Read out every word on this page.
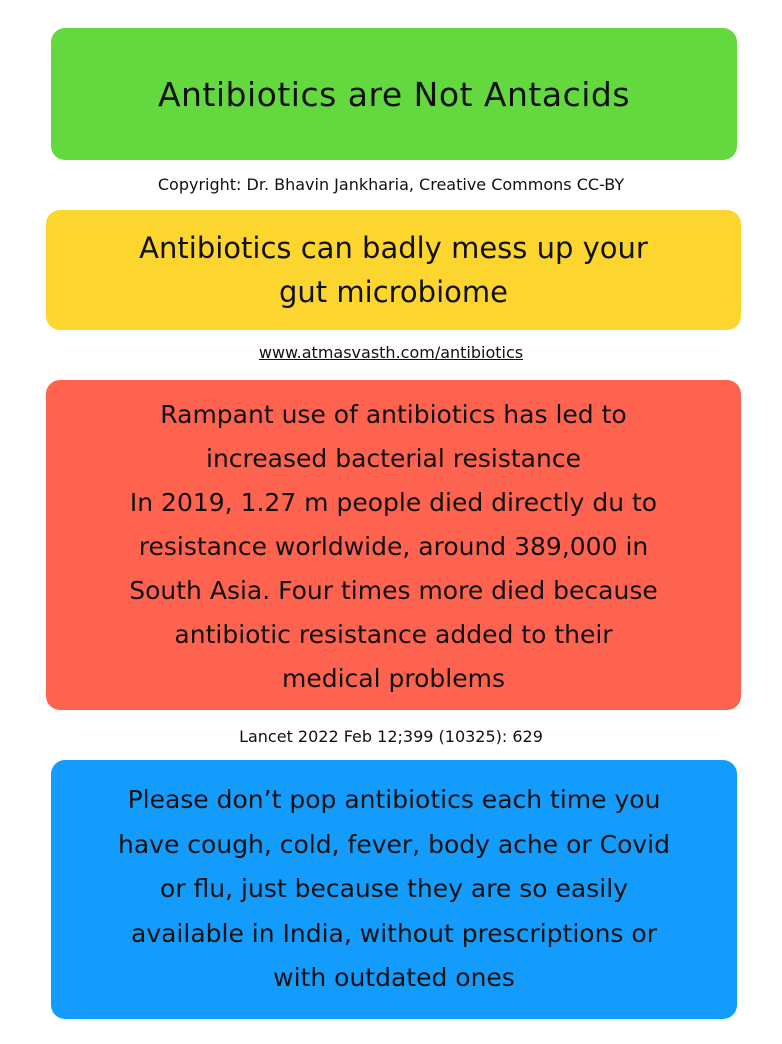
Antibiotics are Not Antacids
Copyright: Dr. Bhavin Jankharia, Creative Commons CC-BY
Antibiotics can badly mess up your
gut microbiome
www.atmasvasth.com/antibiotics
Rampant use of antibiotics has led to
increased bacterial resistance
In 2019, 1.27 m people died directly du to
resistance worldwide, around 389,000 in
South Asia. Four times more died because
antibiotic resistance added to their
medical problems
Lancet 2022 Feb 12;399 (10325): 629
Please don’t pop antibiotics each time you
have cough, cold, fever, body ache or Covid
or flu, just because they are so easily
available in India, without prescriptions or
with outdated ones
